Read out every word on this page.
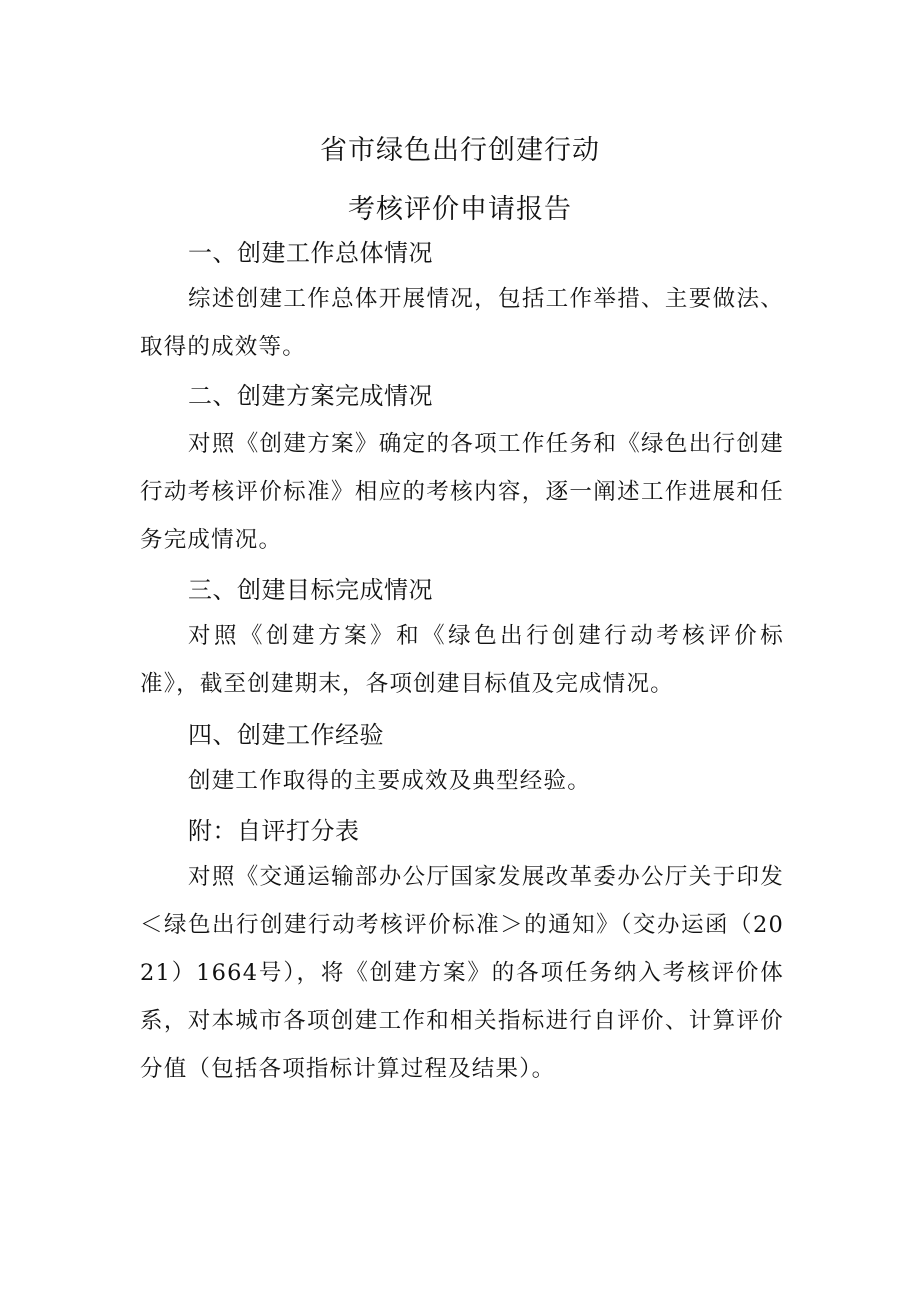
省市绿色出行创建行动
考核评价申请报告
一、创建工作总体情况

综述创建工作总体开展情况，包括工作举措、主要做法、取得的成效等。

二、创建方案完成情况

对照《创建方案》确定的各项工作任务和《绿色出行创建行动考核评价标准》相应的考核内容，逐一阐述工作进展和任务完成情况。

三、创建目标完成情况

对照《创建方案》和《绿色出行创建行动考核评价标准》，截至创建期末，各项创建目标值及完成情况。

四、创建工作经验

创建工作取得的主要成效及典型经验。

附：自评打分表

对照《交通运输部办公厅国家发展改革委办公厅关于印发＜绿色出行创建行动考核评价标准＞的通知》（交办运函（2021）1664号），将《创建方案》的各项任务纳入考核评价体系，对本城市各项创建工作和相关指标进行自评价、计算评价分值（包括各项指标计算过程及结果）。
